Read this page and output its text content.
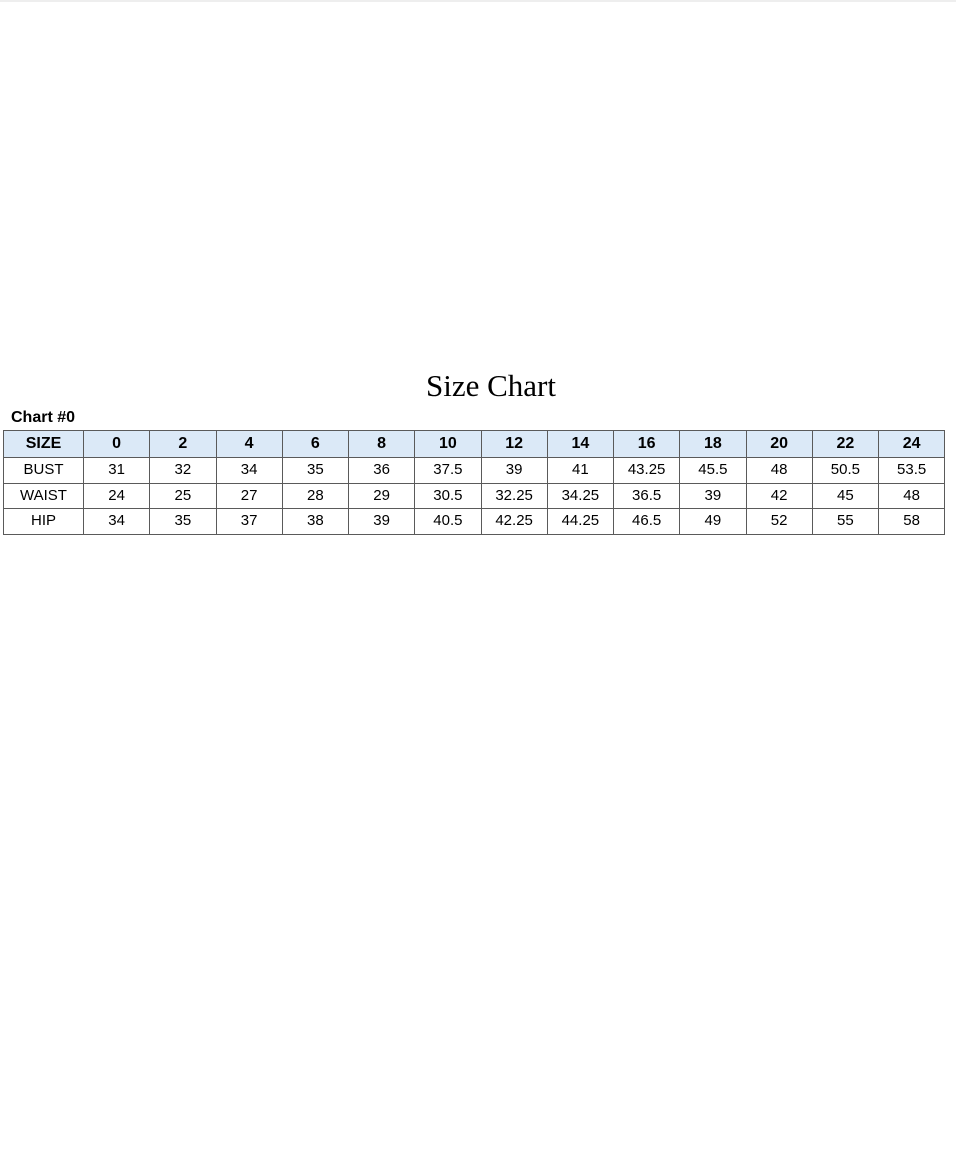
Size Chart
Chart #0
SIZE	0	2	4	6	8	10	12	14	16	18	20	22	24
BUST	31	32	34	35	36	37.5	39	41	43.25	45.5	48	50.5	53.5
WAIST	24	25	27	28	29	30.5	32.25	34.25	36.5	39	42	45	48
HIP	34	35	37	38	39	40.5	42.25	44.25	46.5	49	52	55	58
